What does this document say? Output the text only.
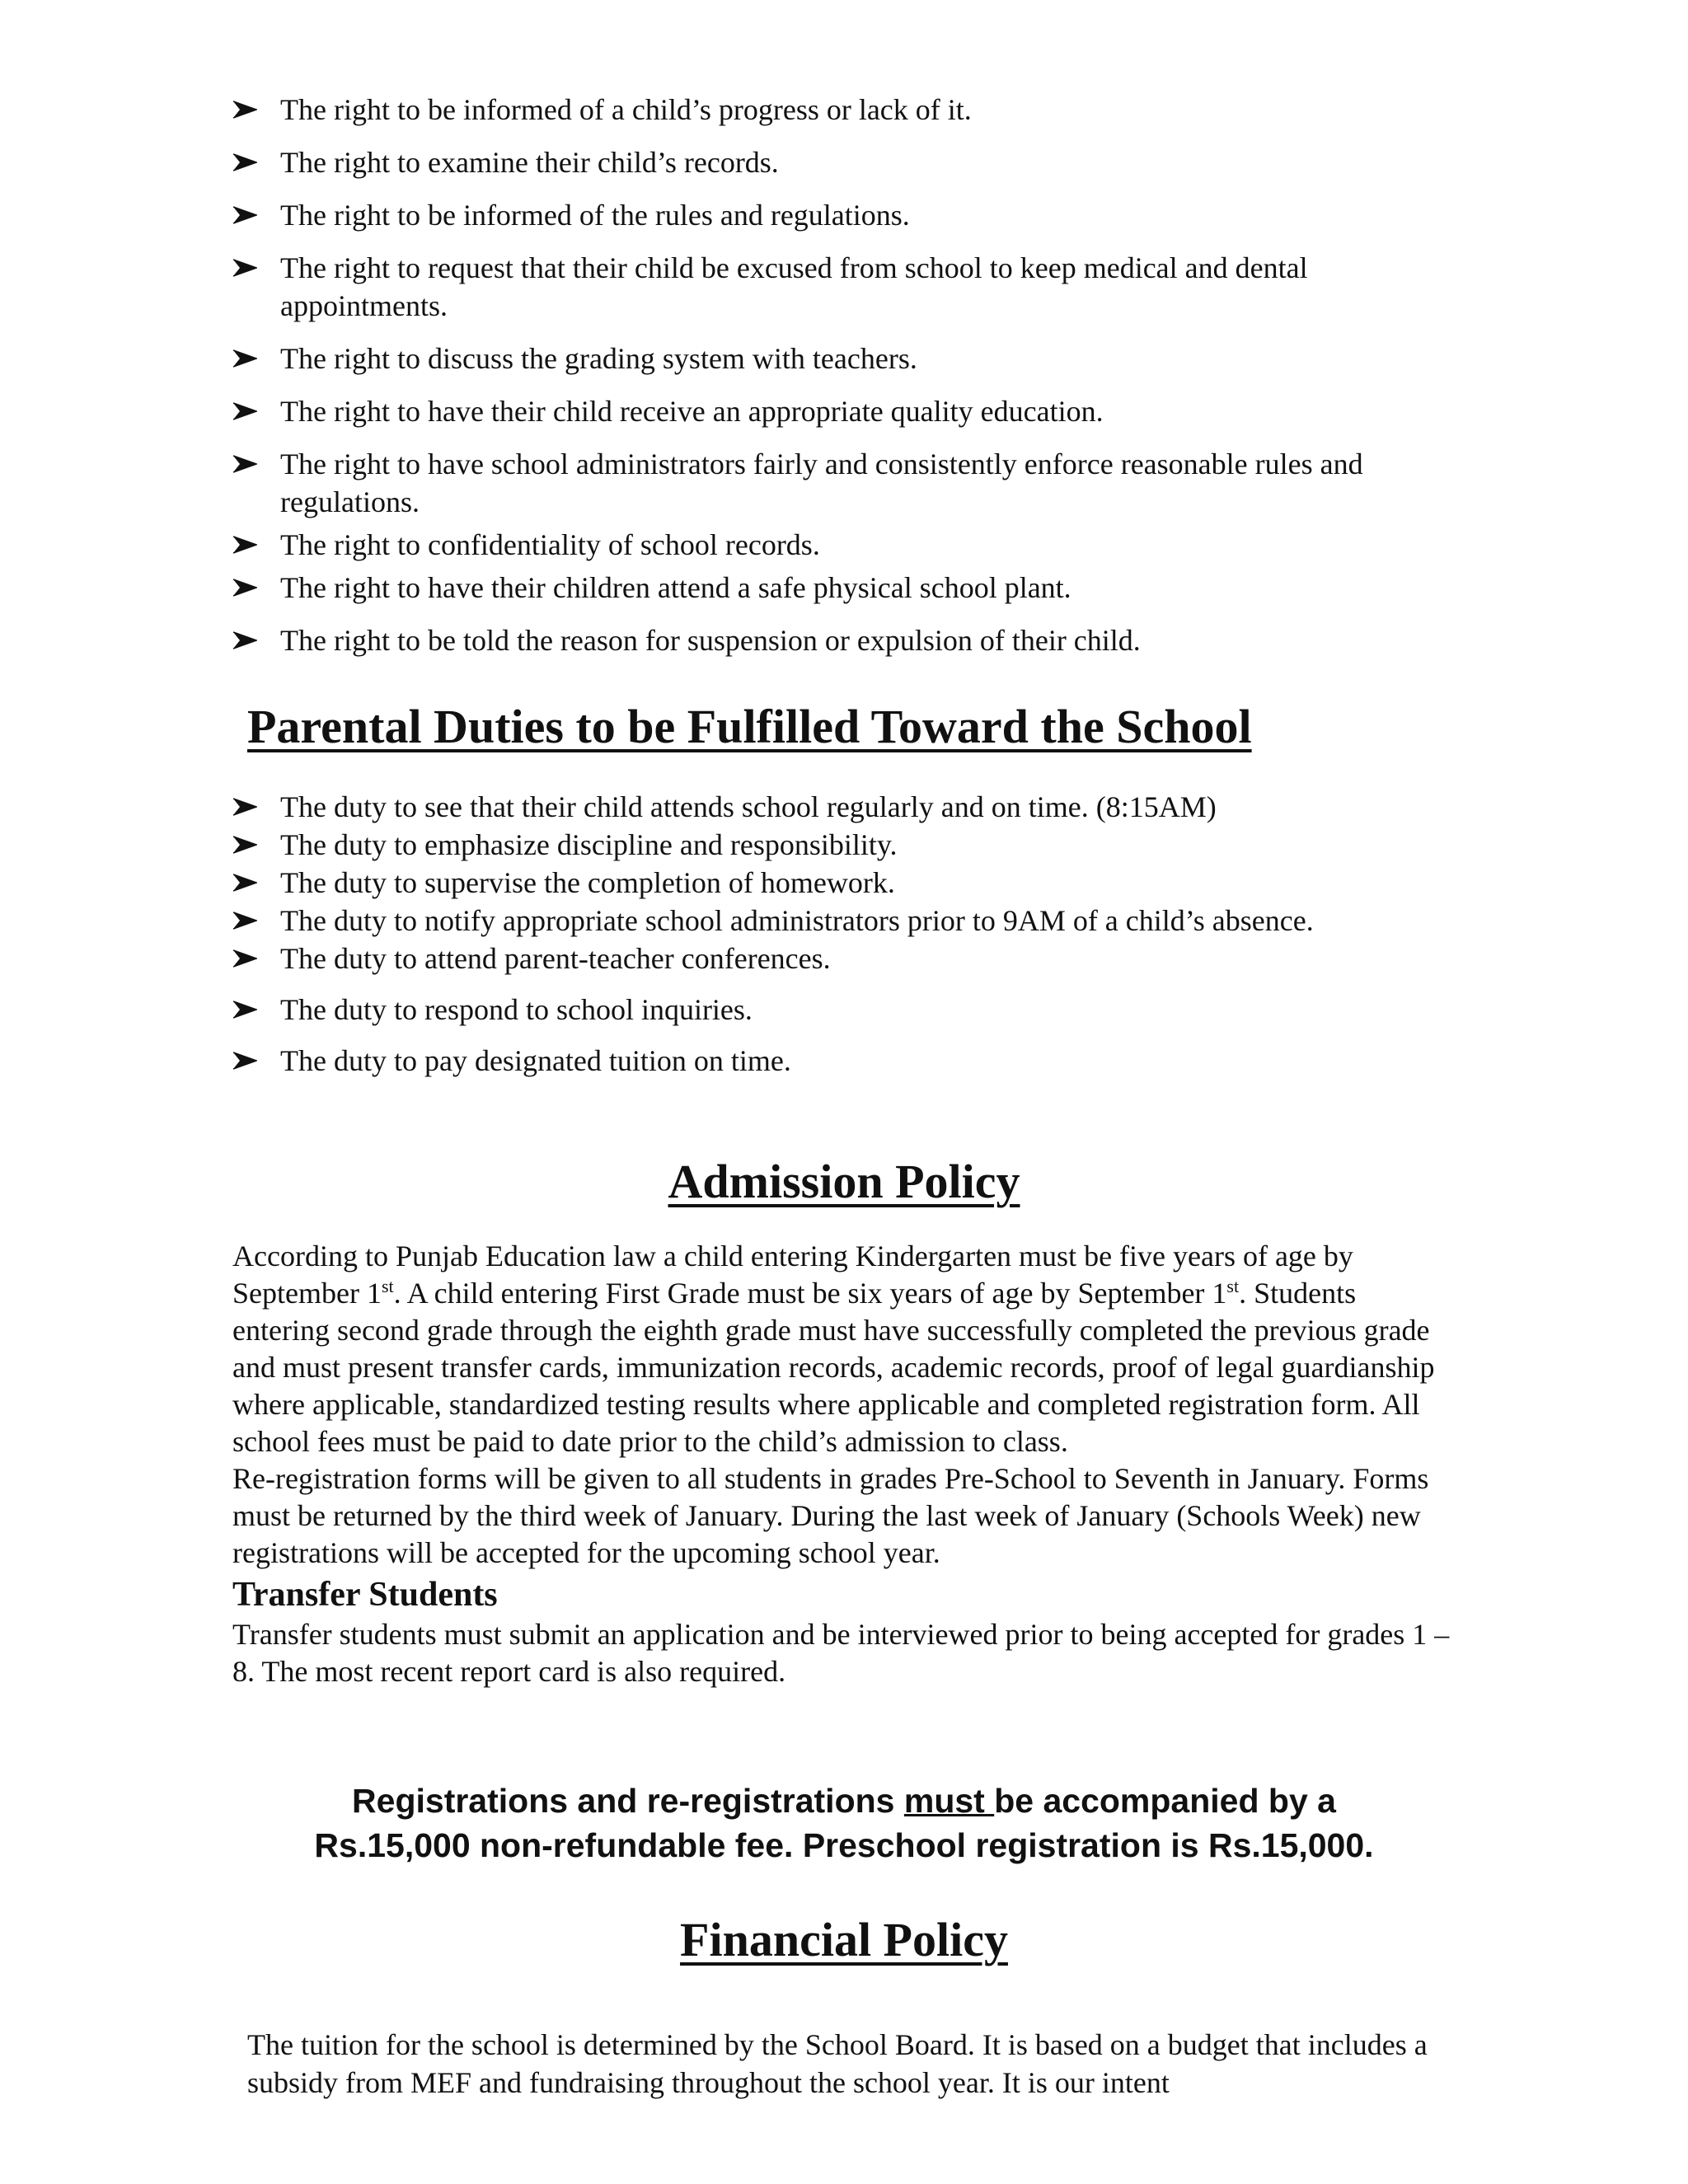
The right to be informed of a child’s progress or lack of it.
The right to examine their child’s records.
The right to be informed of the rules and regulations.
The right to request that their child be excused from school to keep medical and dental appointments.
The right to discuss the grading system with teachers.
The right to have their child receive an appropriate quality education.
The right to have school administrators fairly and consistently enforce reasonable rules and regulations.
The right to confidentiality of school records.
The right to have their children attend a safe physical school plant.
The right to be told the reason for suspension or expulsion of their child.
Parental Duties to be Fulfilled Toward the School
The duty to see that their child attends school regularly and on time. (8:15AM)
The duty to emphasize discipline and responsibility.
The duty to supervise the completion of homework.
The duty to notify appropriate school administrators prior to 9AM of a child’s absence.
The duty to attend parent-teacher conferences.
The duty to respond to school inquiries.
The duty to pay designated tuition on time.
Admission Policy

According to Punjab Education law a child entering Kindergarten must be five years of age by September 1st. A child entering First Grade must be six years of age by September 1st. Students entering second grade through the eighth grade must have successfully completed the previous grade and must present transfer cards, immunization records, academic records, proof of legal guardianship where applicable, standardized testing results where applicable and completed registration form. All school fees must be paid to date prior to the child’s admission to class.

Re-registration forms will be given to all students in grades Pre-School to Seventh in January. Forms must be returned by the third week of January. During the last week of January (Schools Week) new registrations will be accepted for the upcoming school year.

Transfer Students

Transfer students must submit an application and be interviewed prior to being accepted for grades 1 – 8. The most recent report card is also required.

Registrations and re-registrations must be accompanied by a
Rs.15,000 non-refundable fee. Preschool registration is Rs.15,000.
Financial Policy

The tuition for the school is determined by the School Board. It is based on a budget that includes a subsidy from MEF and fundraising throughout the school year. It is our intent
